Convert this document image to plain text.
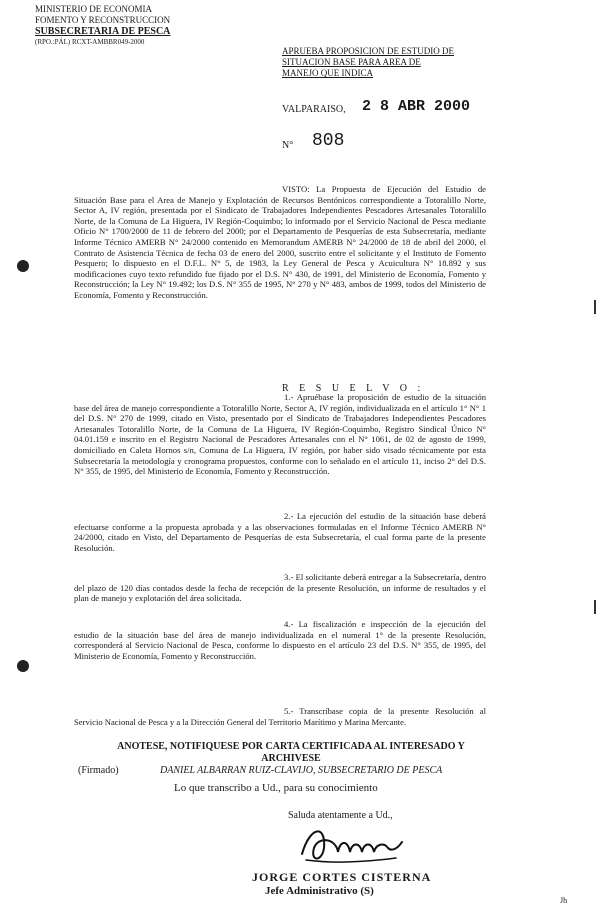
MINISTERIO DE ECONOMIA
FOMENTO Y RECONSTRUCCION
SUBSECRETARIA DE PESCA
(RPO.:PÁL) RCXT-AMBBR049-2000
APRUEBA PROPOSICION DE ESTUDIO DE
SITUACION BASE PARA AREA DE
MANEJO QUE INDICA
VALPARAISO, 2 8 ABR 2000
N° 808
VISTO: La Propuesta de Ejecución del Estudio de Situación Base para el Area de Manejo y Explotación de Recursos Bentónicos correspondiente a Totoralillo Norte, Sector A, IV región, presentada por el Sindicato de Trabajadores Independientes Pescadores Artesanales Totoralillo Norte, de la Comuna de La Higuera, IV Región-Coquimbo; lo informado por el Servicio Nacional de Pesca mediante Oficio N° 1700/2000 de 11 de febrero del 2000; por el Departamento de Pesquerías de esta Subsecretaría, mediante Informe Técnico AMERB N° 24/2000 contenido en Memorandum AMERB N° 24/2000 de 18 de abril del 2000, el Contrato de Asistencia Técnica de fecha 03 de enero del 2000, suscrito entre el solicitante y el Instituto de Fomento Pesquero; lo dispuesto en el D.F.L. N° 5, de 1983, la Ley General de Pesca y Acuicultura N° 18.892 y sus modificaciones cuyo texto refundido fue fijado por el D.S. N° 430, de 1991, del Ministerio de Economía, Fomento y Reconstrucción; la Ley N° 19.492; los D.S. N° 355 de 1995, N° 270 y N° 483, ambos de 1999, todos del Ministerio de Economía, Fomento y Reconstrucción.
R E S U E L V O :
1.- Apruébase la proposición de estudio de la situación base del área de manejo correspondiente a Totoralillo Norte, Sector A, IV región, individualizada en el artículo 1° N° 1 del D.S. N° 270 de 1999, citado en Visto, presentado por el Sindicato de Trabajadores Independientes Pescadores Artesanales Totoralillo Norte, de la Comuna de La Higuera, IV Región-Coquimbo, Registro Sindical Único N° 04.01.159 e inscrito en el Registro Nacional de Pescadores Artesanales con el N° 1061, de 02 de agosto de 1999, domiciliado en Caleta Hornos s/n, Comuna de La Higuera, IV región, por haber sido visado técnicamente por esta Subsecretaría la metodología y cronograma propuestos, conforme con lo señalado en el artículo 11, inciso 2° del D.S. N° 355, de 1995, del Ministerio de Economía, Fomento y Reconstrucción.
2.- La ejecución del estudio de la situación base deberá efectuarse conforme a la propuesta aprobada y a las observaciones formuladas en el Informe Técnico AMERB N° 24/2000, citado en Visto, del Departamento de Pesquerías de esta Subsecretaría, el cual forma parte de la presente Resolución.
3.- El solicitante deberá entregar a la Subsecretaría, dentro del plazo de 120 días contados desde la fecha de recepción de la presente Resolución, un informe de resultados y el plan de manejo y explotación del área solicitada.
4.- La fiscalización e inspección de la ejecución del estudio de la situación base del área de manejo individualizada en el numeral 1° de la presente Resolución, corresponderá al Servicio Nacional de Pesca, conforme lo dispuesto en el artículo 23 del D.S. N° 355, de 1995, del Ministerio de Economía, Fomento y Reconstrucción.
5.- Transcríbase copia de la presente Resolución al Servicio Nacional de Pesca y a la Dirección General del Territorio Marítimo y Marina Mercante.
ANOTESE, NOTIFIQUESE POR CARTA CERTIFICADA AL INTERESADO Y ARCHIVESE
(Firmado)	DANIEL ALBARRAN RUIZ-CLAVIJO, SUBSECRETARIO DE PESCA
Lo que transcribo a Ud., para su conocimiento
Saluda atentamente a Ud.,
JORGE CORTES CISTERNA
Jefe Administrativo (S)
Jh
